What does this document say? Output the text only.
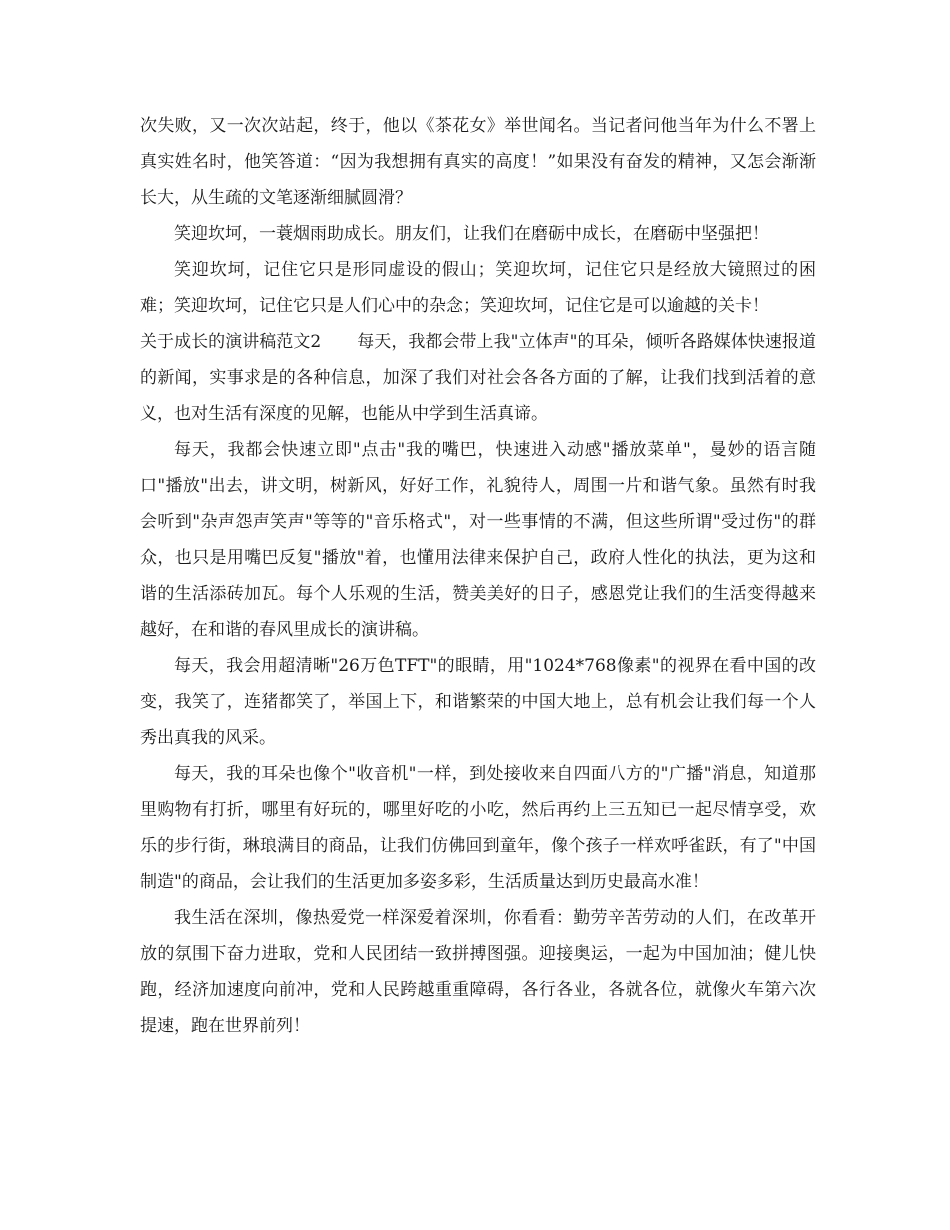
次失败，又一次次站起，终于，他以《茶花女》举世闻名。当记者问他当年为什么不署上真实姓名时，他笑答道：“因为我想拥有真实的高度！”如果没有奋发的精神，又怎会渐渐长大，从生疏的文笔逐渐细腻圆滑？

笑迎坎坷，一蓑烟雨助成长。朋友们，让我们在磨砺中成长，在磨砺中坚强把！

笑迎坎坷，记住它只是形同虚设的假山；笑迎坎坷，记住它只是经放大镜照过的困难；笑迎坎坷，记住它只是人们心中的杂念；笑迎坎坷，记住它是可以逾越的关卡！

关于成长的演讲稿范文2 每天，我都会带上我"立体声"的耳朵，倾听各路媒体快速报道的新闻，实事求是的各种信息，加深了我们对社会各各方面的了解，让我们找到活着的意义，也对生活有深度的见解，也能从中学到生活真谛。

每天，我都会快速立即"点击"我的嘴巴，快速进入动感"播放菜单"，曼妙的语言随口"播放"出去，讲文明，树新风，好好工作，礼貌待人，周围一片和谐气象。虽然有时我会听到"杂声怨声笑声"等等的"音乐格式"，对一些事情的不满，但这些所谓"受过伤"的群众，也只是用嘴巴反复"播放"着，也懂用法律来保护自己，政府人性化的执法，更为这和谐的生活添砖加瓦。每个人乐观的生活，赞美美好的日子，感恩党让我们的生活变得越来越好，在和谐的春风里成长的演讲稿。

每天，我会用超清晰"26万色TFT"的眼睛，用"1024*768像素"的视界在看中国的改变，我笑了，连猪都笑了，举国上下，和谐繁荣的中国大地上，总有机会让我们每一个人秀出真我的风采。

每天，我的耳朵也像个"收音机"一样，到处接收来自四面八方的"广播"消息，知道那里购物有打折，哪里有好玩的，哪里好吃的小吃，然后再约上三五知已一起尽情享受，欢乐的步行街，琳琅满目的商品，让我们仿佛回到童年，像个孩子一样欢呼雀跃，有了"中国制造"的商品，会让我们的生活更加多姿多彩，生活质量达到历史最高水准！

我生活在深圳，像热爱党一样深爱着深圳，你看看：勤劳辛苦劳动的人们，在改革开放的氛围下奋力进取，党和人民团结一致拼搏图强。迎接奥运，一起为中国加油；健儿快跑，经济加速度向前冲，党和人民跨越重重障碍，各行各业，各就各位，就像火车第六次提速，跑在世界前列！
